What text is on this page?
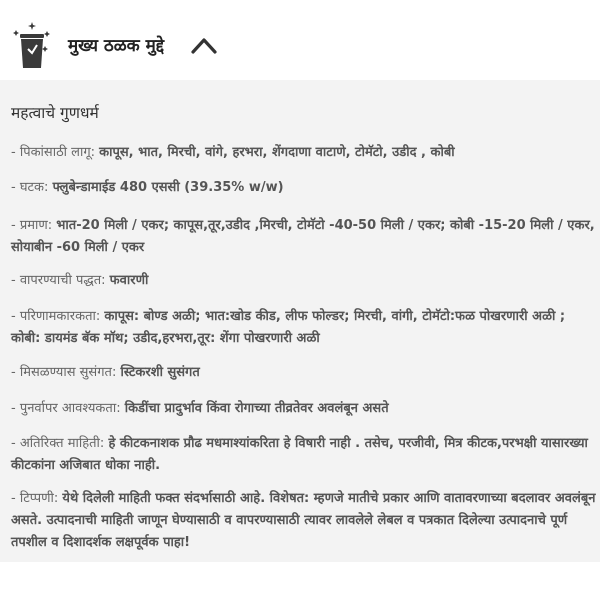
मुख्य ठळक मुद्दे
महत्वाचे गुणधर्म
- पिकांसाठी लागू: कापूस, भात, मिरची, वांगे, हरभरा, शेंगदाणा वाटाणे, टोमॅटो, उडीद , कोबी
- घटक: फ्लुबेन्डामाईड 480 एससी (39.35% w/w)
- प्रमाण: भात-20 मिली / एकर; कापूस,तूर,उडीद ,मिरची, टोमॅटो -40-50 मिली / एकर; कोबी -15-20 मिली / एकर, सोयाबीन -60 मिली / एकर
- वापरण्याची पद्धत: फवारणी
- परिणामकारकता: कापूस: बोण्ड अळी; भात:खोड कीड, लीफ फोल्डर; मिरची, वांगी, टोमॅटो:फळ पोखरणारी अळी ; कोबी: डायमंड बॅक मॉथ; उडीद,हरभरा,तूर: शेंगा पोखरणारी अळी
- मिसळण्यास सुसंगत: स्टिकरशी सुसंगत
- पुनर्वापर आवश्यकता: किडींचा प्रादुर्भाव किंवा रोगाच्या तीव्रतेवर अवलंबून असते
- अतिरिक्त माहिती: हे कीटकनाशक प्रौढ मधमाश्यांकरिता हे विषारी नाही . तसेच, परजीवी, मित्र कीटक,परभक्षी यासारख्या कीटकांना अजिबात धोका नाही.
- टिप्पणी: येथे दिलेली माहिती फक्त संदर्भासाठी आहे. विशेषत: म्हणजे मातीचे प्रकार आणि वातावरणाच्या बदलावर अवलंबून असते. उत्पादनाची माहिती जाणून घेण्यासाठी व वापरण्यासाठी त्यावर लावलेले लेबल व पत्रकात दिलेल्या उत्पादनाचे पूर्ण तपशील व दिशादर्शक लक्षपूर्वक पाहा!
